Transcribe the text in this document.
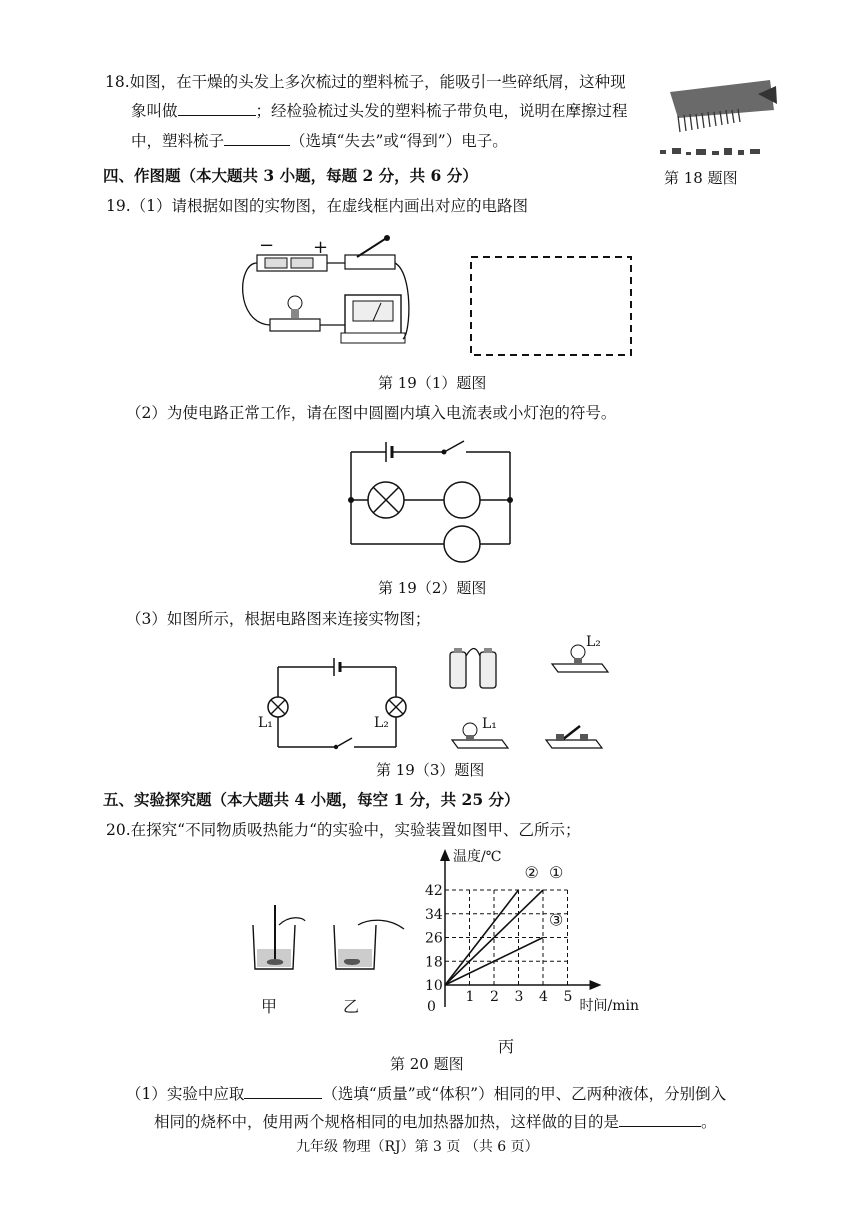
18.如图，在干燥的头发上多次梳过的塑料梳子，能吸引一些碎纸屑，这种现
象叫做	；经检验梳过头发的塑料梳子带负电，说明在摩擦过程
中，塑料梳子	（选填“失去”或“得到”）电子。
第 18 题图
四、作图题（本大题共 3 小题，每题 2 分，共 6 分）
19.（1）请根据如图的实物图，在虚线框内画出对应的电路图
− +
第 19（1）题图
（2）为使电路正常工作，请在图中圆圈内填入电流表或小灯泡的符号。
第 19（2）题图
（3）如图所示，根据电路图来连接实物图；
L₁	L₂
L₂
L₁
第 19（3）题图
五、实验探究题（本大题共 4 小题，每空 1 分，共 25 分）
20.在探究“不同物质吸热能力“的实验中，实验装置如图甲、乙所示；
甲	乙
温度/℃
时间/min
0
1 2 3 4 5
10
18
26
34
42
② ①
③
丙
第 20 题图
（1）实验中应取	（选填“质量”或“体积”）相同的甲、乙两种液体，分别倒入
相同的烧杯中，使用两个规格相同的电加热器加热，这样做的目的是	。
九年级 物理（RJ）第 3 页 （共 6 页）
